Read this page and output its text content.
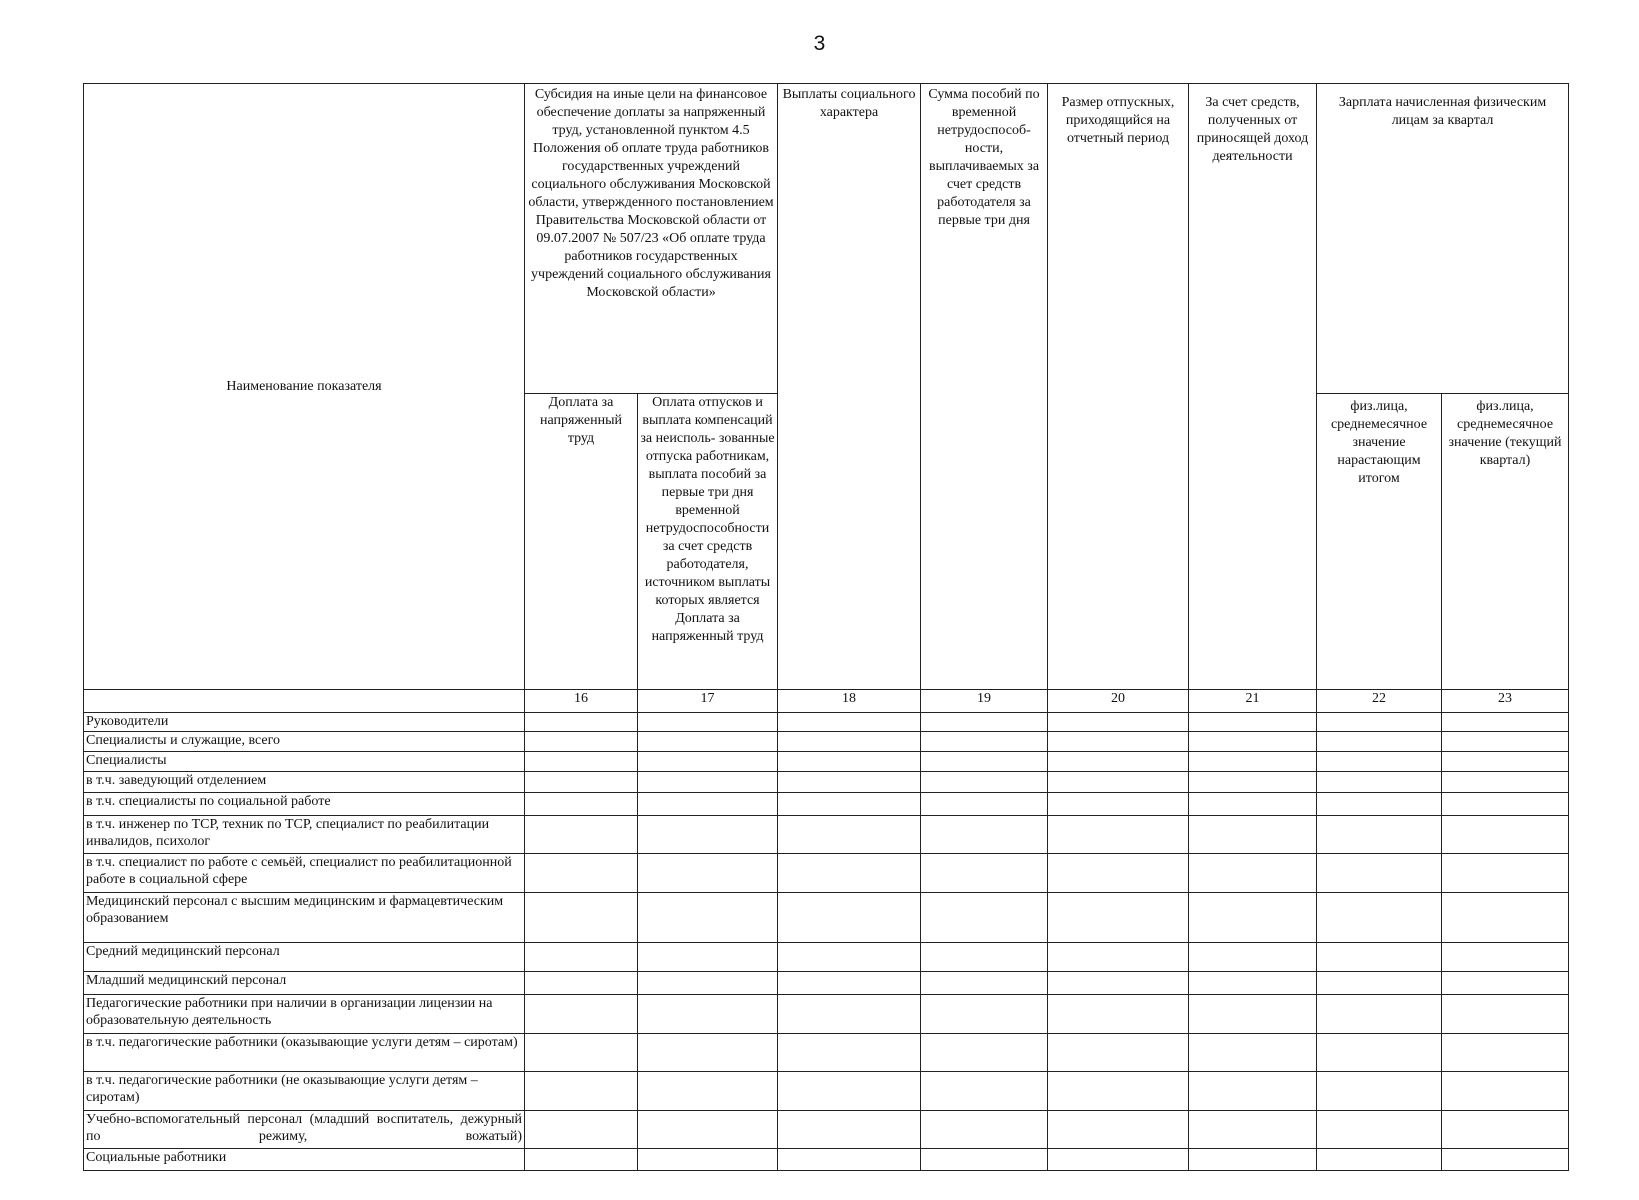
3
Наименование показателя	Субсидия на иные цели на финансовое обеспечение доплаты за напряженный труд, установленной пунктом 4.5 Положения об оплате труда работников государственных учреждений социального обслуживания Московской области, утвержденного постановлением Правительства Московской области от 09.07.2007 № 507/23 «Об оплате труда работников государственных учреждений социального обслуживания Московской области»		Выплаты социального характера	Сумма пособий по временной нетрудоспособ- ности, выплачиваемых за счет средств работодателя за первые три дня	Размер отпускных, приходящийся на отчетный период	За счет средств, полученных от приносящей доход деятельности	Зарплата начисленная физическим лицам за квартал	
	Доплата за напряженный труд	Оплата отпусков и выплата компенсаций за неисполь- зованные отпуска работникам, выплата пособий за первые три дня временной нетрудоспособности за счет средств работодателя, источником выплаты которых является Доплата за напряженный труд					физ.лица, среднемесячное значение нарастающим итогом	физ.лица, среднемесячное значение (текущий квартал)
	16	17	18	19	20	21	22	23
Руководители								
Специалисты и служащие, всего								
Специалисты								
в т.ч. заведующий отделением								
в т.ч. специалисты по социальной работе								
в т.ч. инженер по ТСР, техник по ТСР, специалист по реабилитации инвалидов, психолог								
в т.ч. специалист по работе с семьёй, специалист по реабилитационной работе в социальной сфере								
Медицинский персонал с высшим медицинским и фармацевтическим образованием								
Средний медицинский персонал								
Младший медицинский персонал								
Педагогические работники при наличии в организации лицензии на образовательную деятельность								
в т.ч. педагогические работники (оказывающие услуги детям – сиротам)								
в т.ч. педагогические работники (не оказывающие услуги детям – сиротам)								
Учебно-вспомогательный персонал (младший воспитатель, дежурный по режиму, вожатый)								
Социальные работники								
